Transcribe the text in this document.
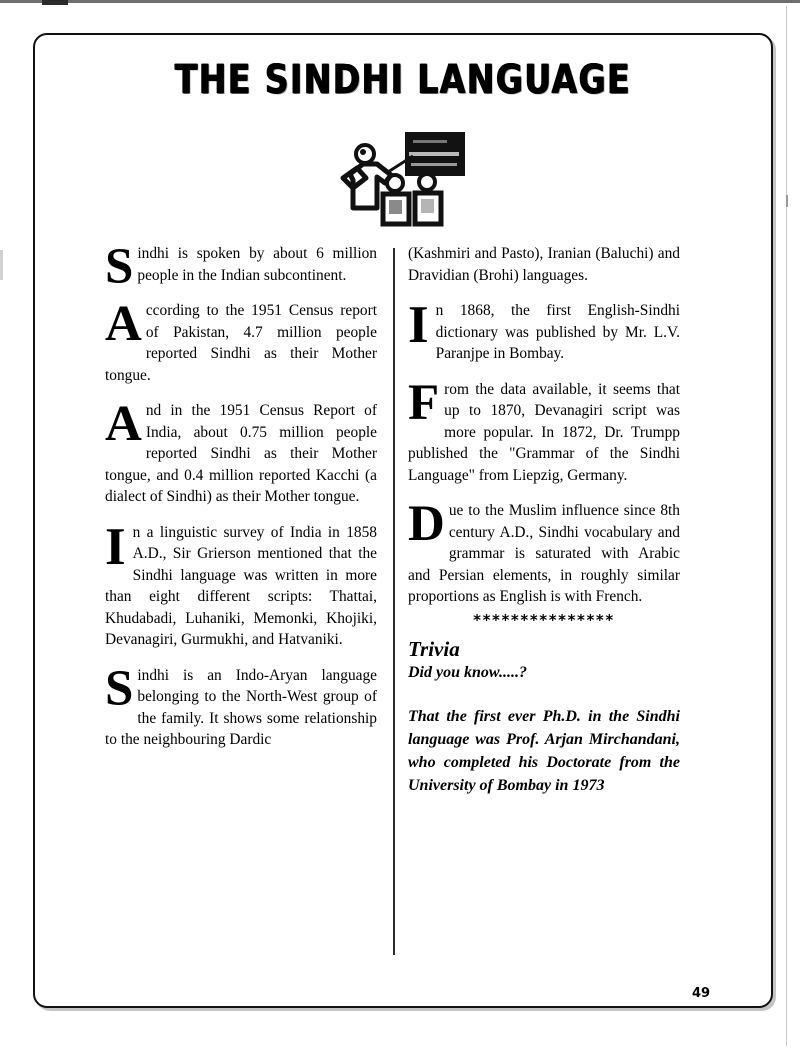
THE SINDHI LANGUAGE

Sindhi is spoken by about 6 million people in the Indian subcontinent.

According to the 1951 Census report of Pakistan, 4.7 million people reported Sindhi as their Mother tongue.

And in the 1951 Census Report of India, about 0.75 million people reported Sindhi as their Mother tongue, and 0.4 million reported Kacchi (a dialect of Sindhi) as their Mother tongue.

In a linguistic survey of India in 1858 A.D., Sir Grierson mentioned that the Sindhi language was written in more than eight different scripts: Thattai, Khudabadi, Luhaniki, Memonki, Khojiki, Devanagiri, Gurmukhi, and Hatvaniki.

Sindhi is an Indo-Aryan language belonging to the North-West group of the family. It shows some relationship to the neighbouring Dardic

(Kashmiri and Pasto), Iranian (Baluchi) and Dravidian (Brohi) languages.

In 1868, the first English-Sindhi dictionary was published by Mr. L.V. Paranjpe in Bombay.

From the data available, it seems that up to 1870, Devanagiri script was more popular. In 1872, Dr. Trumpp published the "Grammar of the Sindhi Language" from Liepzig, Germany.

Due to the Muslim influence since 8th century A.D., Sindhi vocabulary and grammar is saturated with Arabic and Persian elements, in roughly similar proportions as English is with French.

***************

Trivia

Did you know.....?

That the first ever Ph.D. in the Sindhi language was Prof. Arjan Mirchandani, who completed his Doctorate from the University of Bombay in 1973

49
